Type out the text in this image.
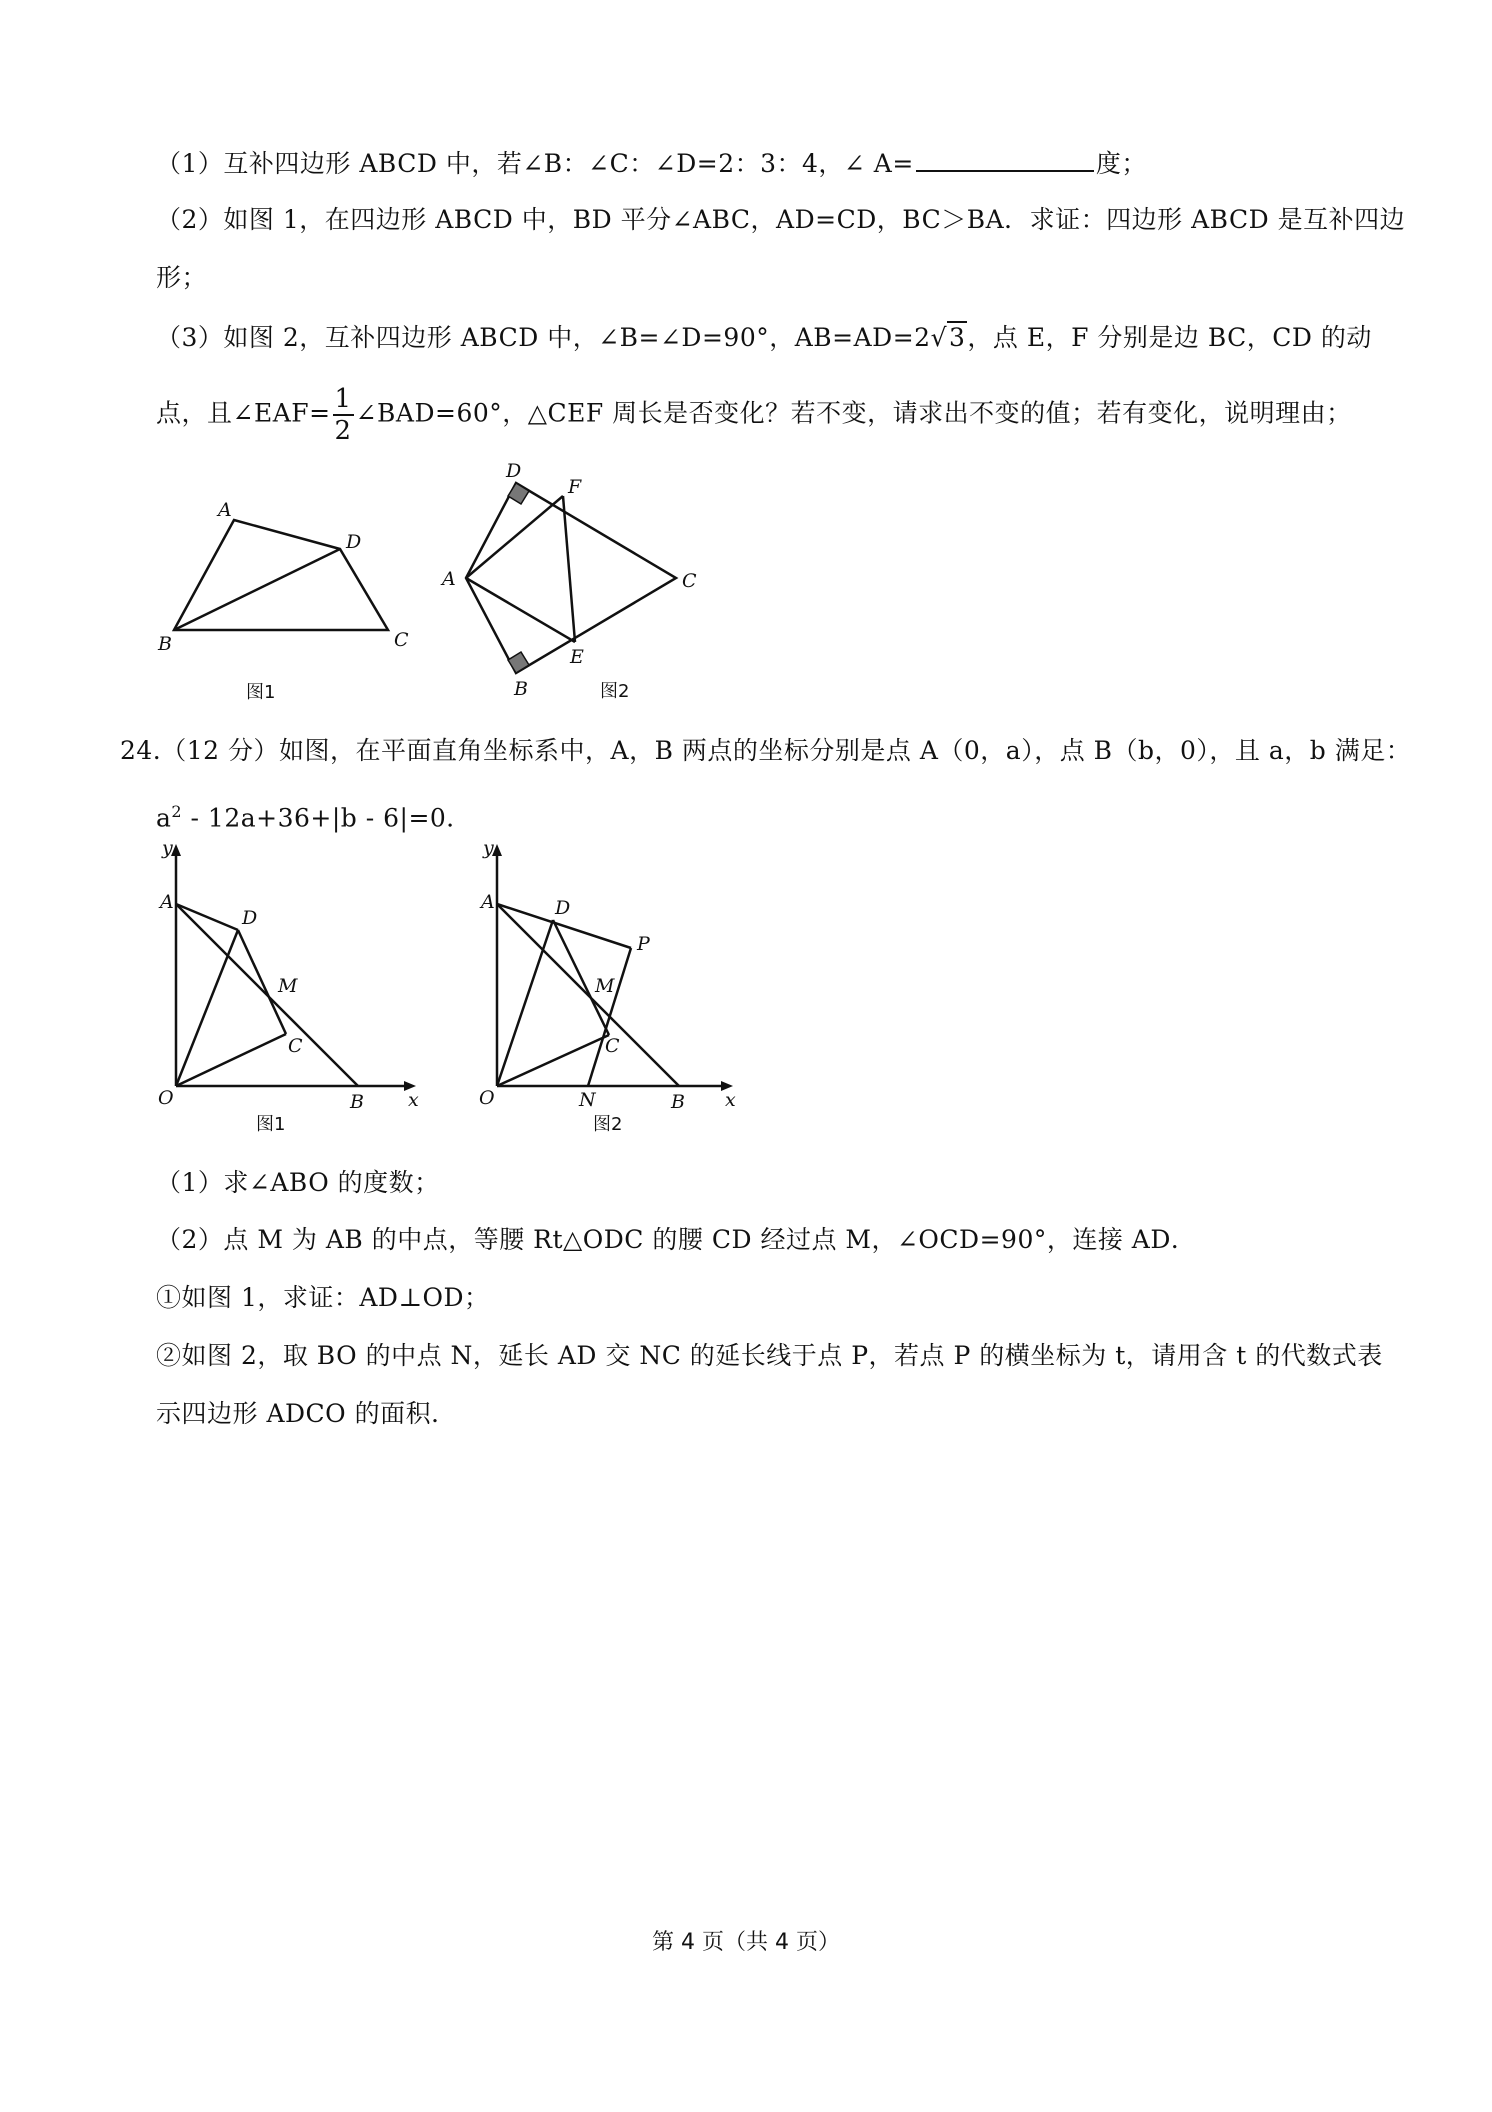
（1）互补四边形 ABCD 中，若∠B：∠C：∠D=2：3：4，∠ A=	度；
（2）如图 1，在四边形 ABCD 中，BD 平分∠ABC，AD=CD，BC＞BA．求证：四边形 ABCD 是互补四边
形；
（3）如图 2，互补四边形 ABCD 中，∠B=∠D=90°，AB=AD=2√3，点 E，F 分别是边 BC，CD 的动
点，且∠EAF= $\frac{1}{2}$ ∠BAD=60°，△CEF 周长是否变化？若不变，请求出不变的值；若有变化，说明理由；
A
B	C
D
图1
D
F
A	C
E
B	图2
24.（12 分）如图，在平面直角坐标系中，A，B 两点的坐标分别是点 A（0，a），点 B（b，0），且 a，b 满足：
$a^2 - 12a+36+|b - 6|=0$．
y
A
D
M
C
O	B x
图1
y
A	D
P
M
C
O	N	B x
图2
（1）求∠ABO 的度数；
（2）点 M 为 AB 的中点，等腰 Rt△ODC 的腰 CD 经过点 M，∠OCD=90°，连接 AD．
①如图 1，求证：AD⊥OD；
②如图 2，取 BO 的中点 N，延长 AD 交 NC 的延长线于点 P，若点 P 的横坐标为 t，请用含 t 的代数式表
示四边形 ADCO 的面积．
第 4 页（共 4 页）
